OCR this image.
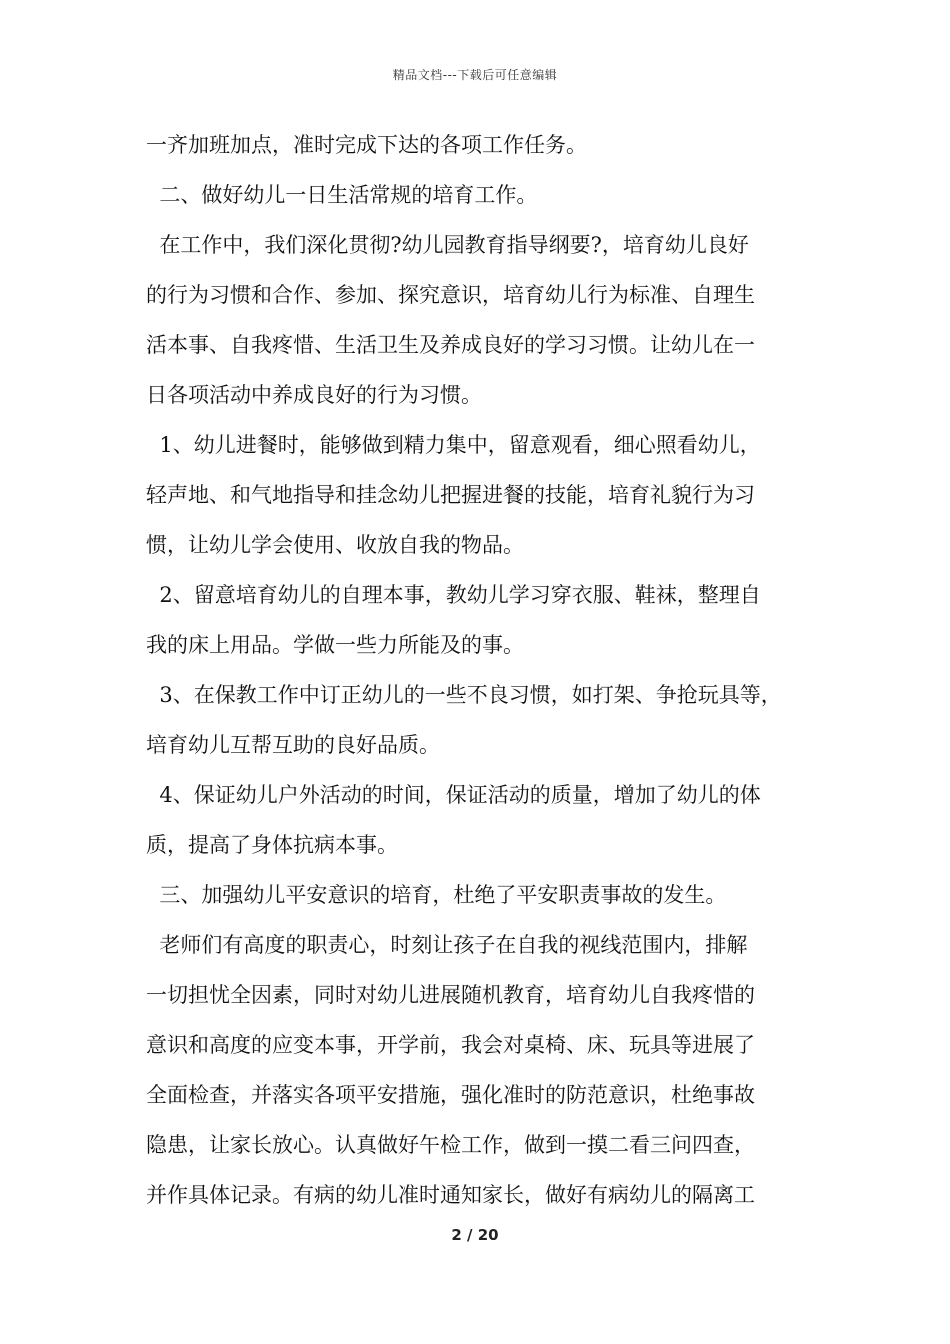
精品文档---下载后可任意编辑
一齐加班加点，准时完成下达的各项工作任务。
二、做好幼儿一日生活常规的培育工作。
在工作中，我们深化贯彻?幼儿园教育指导纲要?，培育幼儿良好
的行为习惯和合作、参加、探究意识，培育幼儿行为标准、自理生
活本事、自我疼惜、生活卫生及养成良好的学习习惯。让幼儿在一
日各项活动中养成良好的行为习惯。
1、幼儿进餐时，能够做到精力集中，留意观看，细心照看幼儿，
轻声地、和气地指导和挂念幼儿把握进餐的技能，培育礼貌行为习
惯，让幼儿学会使用、收放自我的物品。
2、留意培育幼儿的自理本事，教幼儿学习穿衣服、鞋袜，整理自
我的床上用品。学做一些力所能及的事。
3、在保教工作中订正幼儿的一些不良习惯，如打架、争抢玩具等，
培育幼儿互帮互助的良好品质。
4、保证幼儿户外活动的时间，保证活动的质量，增加了幼儿的体
质，提高了身体抗病本事。
三、加强幼儿平安意识的培育，杜绝了平安职责事故的发生。
老师们有高度的职责心，时刻让孩子在自我的视线范围内，排解
一切担忧全因素，同时对幼儿进展随机教育，培育幼儿自我疼惜的
意识和高度的应变本事，开学前，我会对桌椅、床、玩具等进展了
全面检查，并落实各项平安措施，强化准时的防范意识，杜绝事故
隐患，让家长放心。认真做好午检工作，做到一摸二看三问四查，
并作具体记录。有病的幼儿准时通知家长，做好有病幼儿的隔离工
2 / 20
